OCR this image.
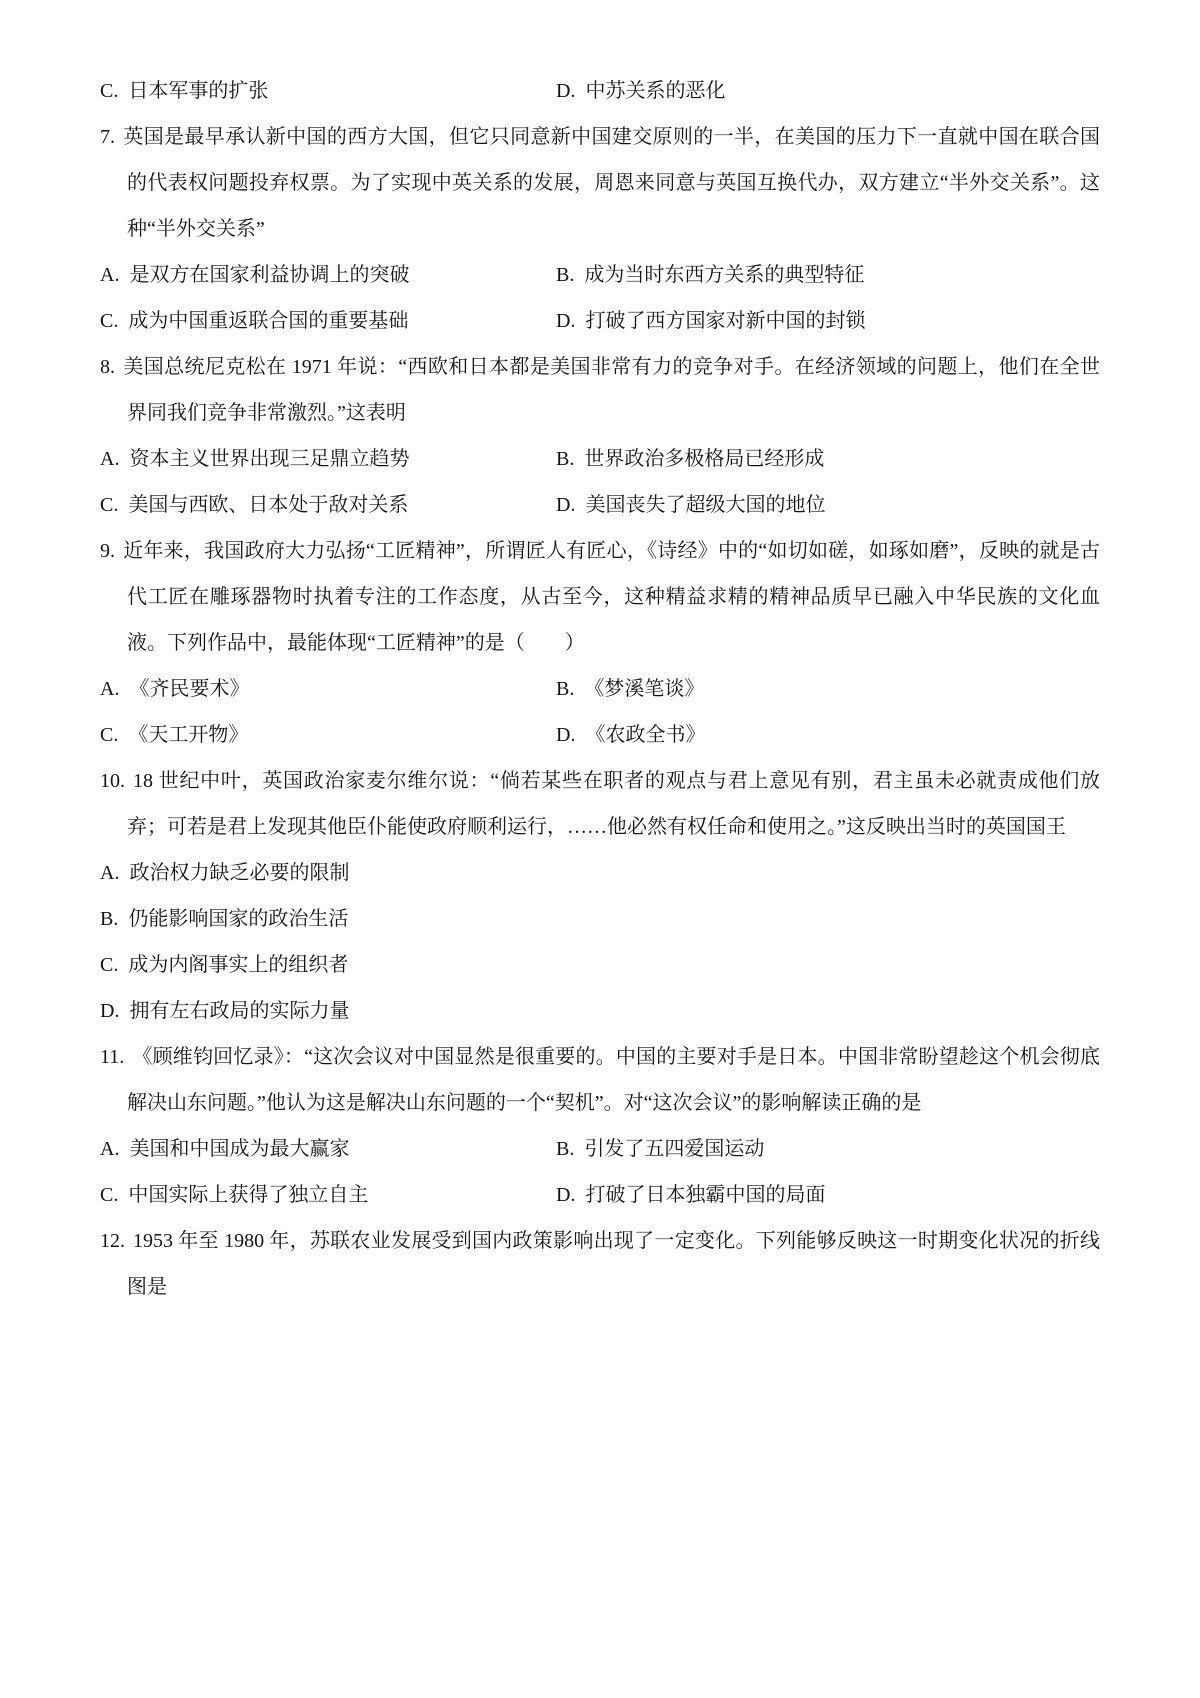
C. 日本军事的扩张	D. 中苏关系的恶化

7. 英国是最早承认新中国的西方大国，但它只同意新中国建交原则的一半，在美国的压力下一直就中国在联合国的代表权问题投弃权票。为了实现中英关系的发展，周恩来同意与英国互换代办，双方建立“半外交关系”。这种“半外交关系”

A. 是双方在国家利益协调上的突破	B. 成为当时东西方关系的典型特征
C. 成为中国重返联合国的重要基础	D. 打破了西方国家对新中国的封锁

8. 美国总统尼克松在 1971 年说：“西欧和日本都是美国非常有力的竞争对手。在经济领域的问题上，他们在全世界同我们竞争非常激烈。”这表明

A. 资本主义世界出现三足鼎立趋势	B. 世界政治多极格局已经形成
C. 美国与西欧、日本处于敌对关系	D. 美国丧失了超级大国的地位

9. 近年来，我国政府大力弘扬“工匠精神”，所谓匠人有匠心，《诗经》中的“如切如磋，如琢如磨”，反映的就是古代工匠在雕琢器物时执着专注的工作态度，从古至今，这种精益求精的精神品质早已融入中华民族的文化血液。下列作品中，最能体现“工匠精神”的是（　　）

A. 《齐民要术》	B. 《梦溪笔谈》
C. 《天工开物》	D. 《农政全书》

10. 18 世纪中叶，英国政治家麦尔维尔说：“倘若某些在职者的观点与君上意见有别，君主虽未必就责成他们放弃；可若是君上发现其他臣仆能使政府顺利运行，……他必然有权任命和使用之。”这反映出当时的英国国王

A. 政治权力缺乏必要的限制
B. 仍能影响国家的政治生活
C. 成为内阁事实上的组织者
D. 拥有左右政局的实际力量

11. 《顾维钧回忆录》：“这次会议对中国显然是很重要的。中国的主要对手是日本。中国非常盼望趁这个机会彻底解决山东问题。”他认为这是解决山东问题的一个“契机”。对“这次会议”的影响解读正确的是

A. 美国和中国成为最大赢家	B. 引发了五四爱国运动
C. 中国实际上获得了独立自主	D. 打破了日本独霸中国的局面

12. 1953 年至 1980 年，苏联农业发展受到国内政策影响出现了一定变化。下列能够反映这一时期变化状况的折线图是
